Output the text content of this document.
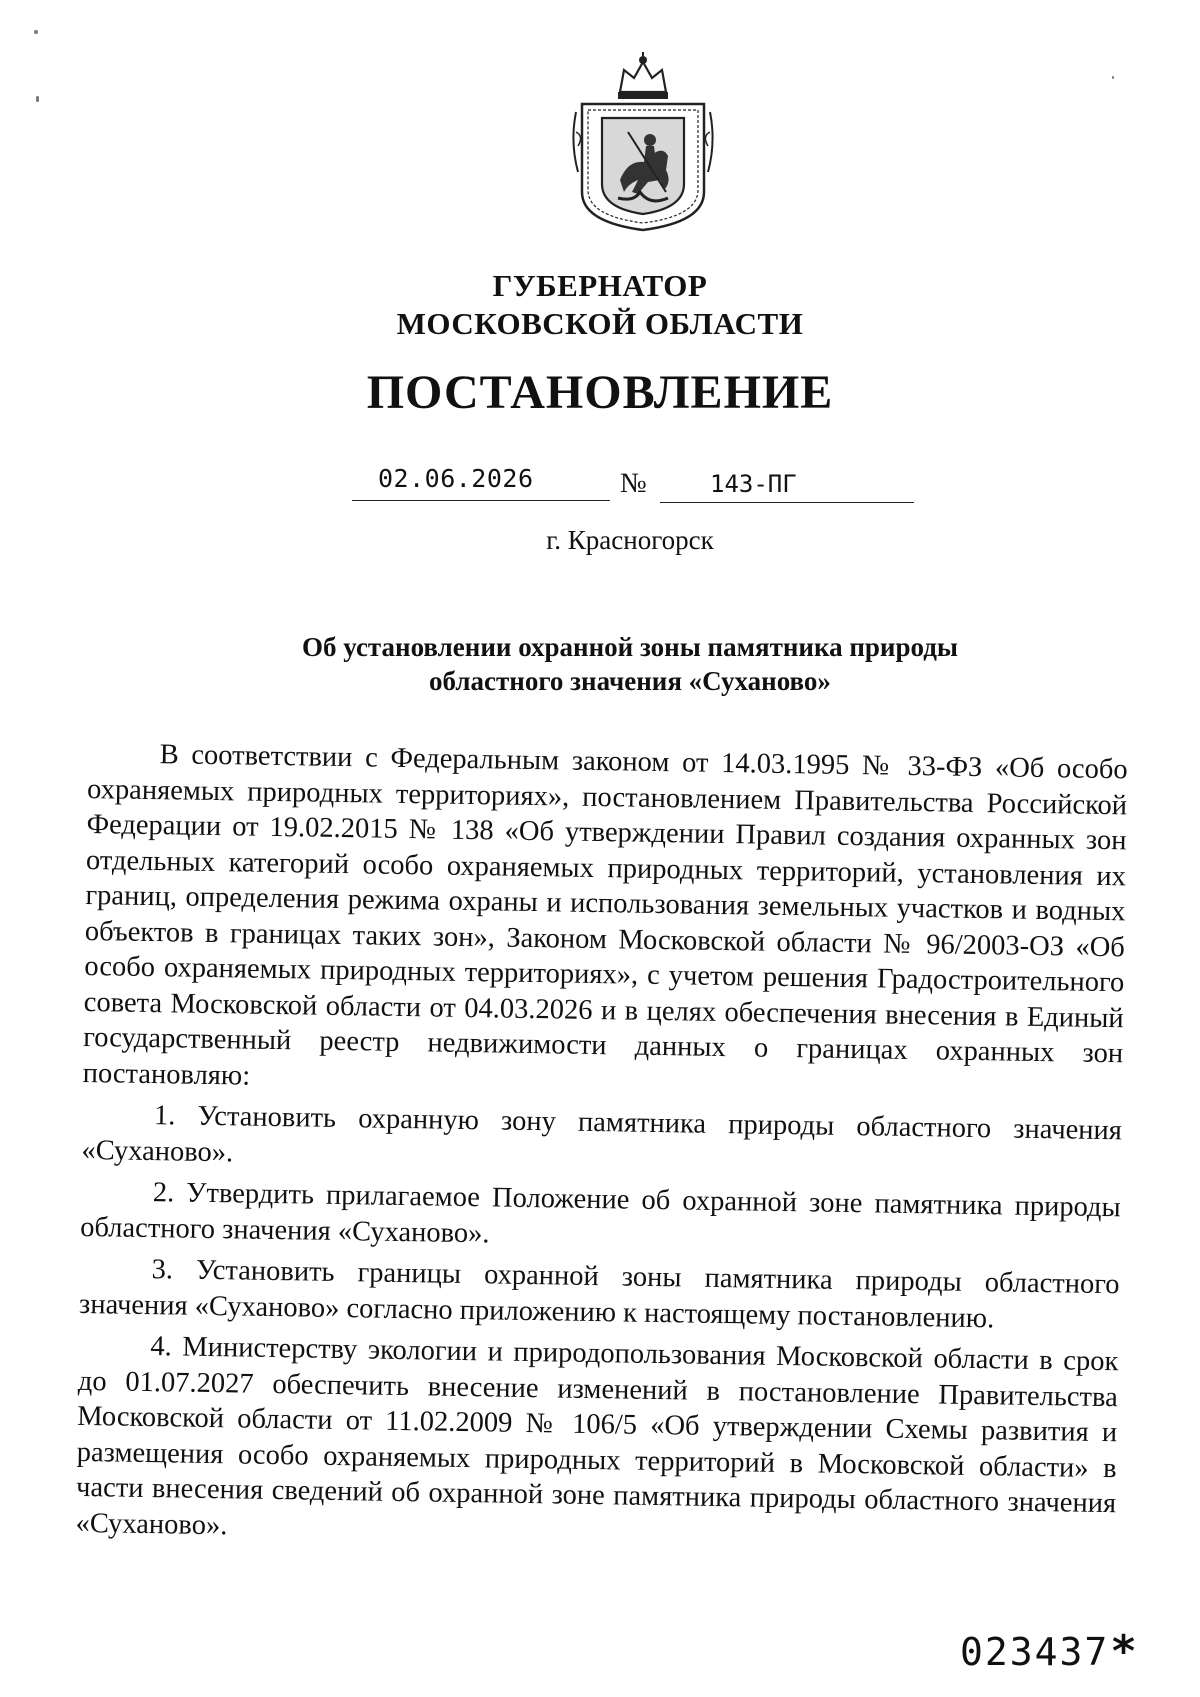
ГУБЕРНАТОР
МОСКОВСКОЙ ОБЛАСТИ
ПОСТАНОВЛЕНИЕ
02.06.2026	№	143-ПГ
г. Красногорск
Об установлении охранной зоны памятника природы
областного значения «Суханово»

В соответствии с Федеральным законом от 14.03.1995 № 33-ФЗ «Об особо охраняемых природных территориях», постановлением Правительства Российской Федерации от 19.02.2015 № 138 «Об утверждении Правил создания охранных зон отдельных категорий особо охраняемых природных территорий, установления их границ, определения режима охраны и использования земельных участков и водных объектов в границах таких зон», Законом Московской области № 96/2003-ОЗ «Об особо охраняемых природных территориях», с учетом решения Градостроительного совета Московской области от 04.03.2026 и в целях обеспечения внесения в Единый государственный реестр недвижимости данных о границах охранных зон постановляю:

1. Установить охранную зону памятника природы областного значения «Суханово».

2. Утвердить прилагаемое Положение об охранной зоне памятника природы областного значения «Суханово».

3. Установить границы охранной зоны памятника природы областного значения «Суханово» согласно приложению к настоящему постановлению.

4. Министерству экологии и природопользования Московской области в срок до 01.07.2027 обеспечить внесение изменений в постановление Правительства Московской области от 11.02.2009 № 106/5 «Об утверждении Схемы развития и размещения особо охраняемых природных территорий в Московской области» в части внесения сведений об охранной зоне памятника природы областного значения «Суханово».

023437 *
